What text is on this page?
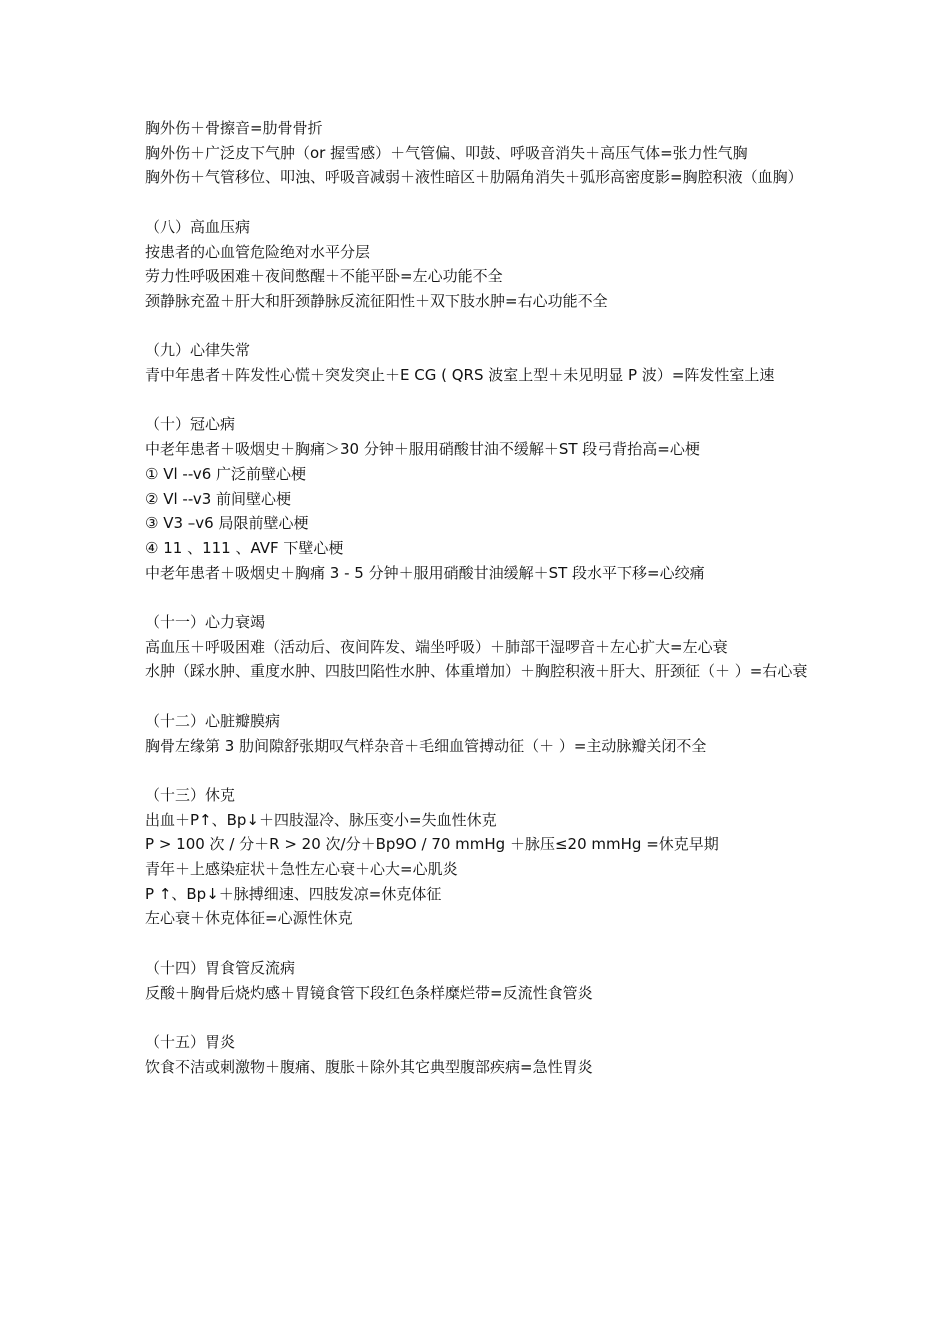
胸外伤＋骨擦音=肋骨骨折
胸外伤＋广泛皮下气肿（or 握雪感）＋气管偏、叩鼓、呼吸音消失＋高压气体=张力性气胸
胸外伤＋气管移位、叩浊、呼吸音减弱＋液性暗区＋肋隔角消失＋弧形高密度影=胸腔积液（血胸）
（八）高血压病
按患者的心血管危险绝对水平分层
劳力性呼吸困难＋夜间憋醒＋不能平卧=左心功能不全
颈静脉充盈＋肝大和肝颈静脉反流征阳性＋双下肢水肿=右心功能不全
（九）心律失常
青中年患者＋阵发性心慌＋突发突止＋E CG ( QRS 波室上型＋未见明显 P 波）=阵发性室上速
（十）冠心病
中老年患者＋吸烟史＋胸痛＞30 分钟＋服用硝酸甘油不缓解＋ST 段弓背抬高=心梗
① Vl --v6 广泛前壁心梗
② Vl --v3 前间壁心梗
③ V3 –v6 局限前壁心梗
④ 11 、111 、AVF 下壁心梗
中老年患者＋吸烟史＋胸痛 3 - 5 分钟＋服用硝酸甘油缓解＋ST 段水平下移=心绞痛
（十一）心力衰竭
高血压＋呼吸困难（活动后、夜间阵发、端坐呼吸）＋肺部干湿啰音＋左心扩大=左心衰
水肿（踩水肿、重度水肿、四肢凹陷性水肿、体重增加）＋胸腔积液＋肝大、肝颈征（＋ ）=右心衰
（十二）心脏瓣膜病
胸骨左缘第 3 肋间隙舒张期叹气样杂音＋毛细血管搏动征（＋ ）=主动脉瓣关闭不全
（十三）休克
出血＋P↑、Bp↓＋四肢湿冷、脉压变小=失血性休克
P > 100 次 / 分＋R > 20 次/分＋Bp9O / 70 mmHg ＋脉压≤20 mmHg =休克早期
青年＋上感染症状＋急性左心衰＋心大=心肌炎
P ↑、Bp↓＋脉搏细速、四肢发凉=休克体征
左心衰＋休克体征=心源性休克
（十四）胃食管反流病
反酸＋胸骨后烧灼感＋胃镜食管下段红色条样糜烂带=反流性食管炎
（十五）胃炎
饮食不洁或刺激物＋腹痛、腹胀＋除外其它典型腹部疾病=急性胃炎
